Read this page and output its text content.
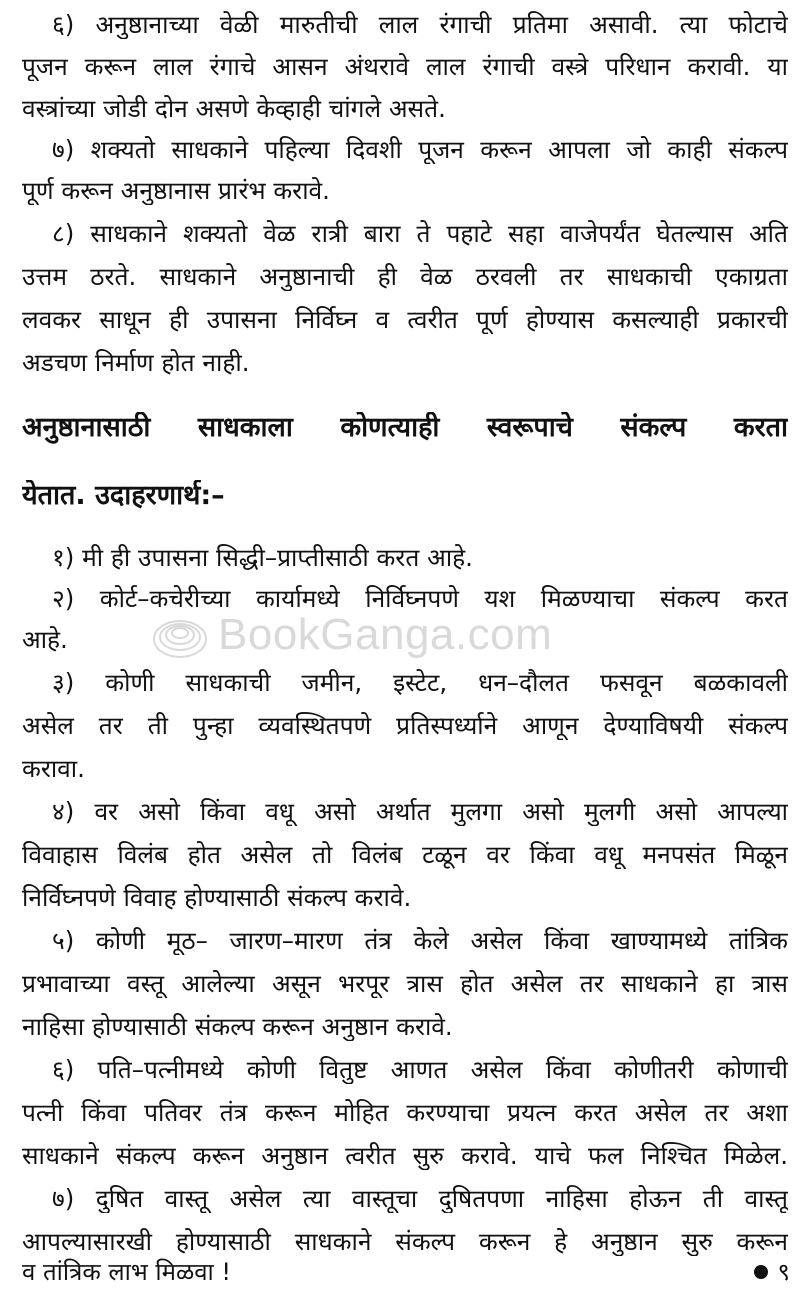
६) अनुष्ठानाच्या वेळी मारुतीची लाल रंगाची प्रतिमा असावी. त्या फोटाचे
पूजन करून लाल रंगाचे आसन अंथरावे लाल रंगाची वस्त्रे परिधान करावी. या
वस्त्रांच्या जोडी दोन असणे केव्हाही चांगले असते.
७) शक्यतो साधकाने पहिल्या दिवशी पूजन करून आपला जो काही संकल्प
पूर्ण करून अनुष्ठानास प्रारंभ करावे.
८) साधकाने शक्यतो वेळ रात्री बारा ते पहाटे सहा वाजेपर्यंत घेतल्यास अति
उत्तम ठरते. साधकाने अनुष्ठानाची ही वेळ ठरवली तर साधकाची एकाग्रता
लवकर साधून ही उपासना निर्विघ्न व त्वरीत पूर्ण होण्यास कसल्याही प्रकारची
अडचण निर्माण होत नाही.
अनुष्ठानासाठी साधकाला कोणत्याही स्वरूपाचे संकल्प करता
येतात. उदाहरणार्थ:–
१) मी ही उपासना सिद्धी–प्राप्तीसाठी करत आहे.
२) कोर्ट–कचेरीच्या कार्यामध्ये निर्विघ्नपणे यश मिळण्याचा संकल्प करत
आहे.
३) कोणी साधकाची जमीन, इस्टेट, धन–दौलत फसवून बळकावली
असेल तर ती पुन्हा व्यवस्थितपणे प्रतिस्पर्ध्याने आणून देण्याविषयी संकल्प
करावा.
४) वर असो किंवा वधू असो अर्थात मुलगा असो मुलगी असो आपल्या
विवाहास विलंब होत असेल तो विलंब टळून वर किंवा वधू मनपसंत मिळून
निर्विघ्नपणे विवाह होण्यासाठी संकल्प करावे.
५) कोणी मूठ– जारण–मारण तंत्र केले असेल किंवा खाण्यामध्ये तांत्रिक
प्रभावाच्या वस्तू आलेल्या असून भरपूर त्रास होत असेल तर साधकाने हा त्रास
नाहिसा होण्यासाठी संकल्प करून अनुष्ठान करावे.
६) पति–पत्नीमध्ये कोणी वितुष्ट आणत असेल किंवा कोणीतरी कोणाची
पत्नी किंवा पतिवर तंत्र करून मोहित करण्याचा प्रयत्न करत असेल तर अशा
साधकाने संकल्प करून अनुष्ठान त्वरीत सुरु करावे. याचे फल निश्चित मिळेल.
७) दुषित वास्तू असेल त्या वास्तूचा दुषितपणा नाहिसा होऊन ती वास्तू
आपल्यासारखी होण्यासाठी साधकाने संकल्प करून हे अनुष्ठान सुरु करून
BookGanga.com
व तांत्रिक लाभ मिळवा !	९
